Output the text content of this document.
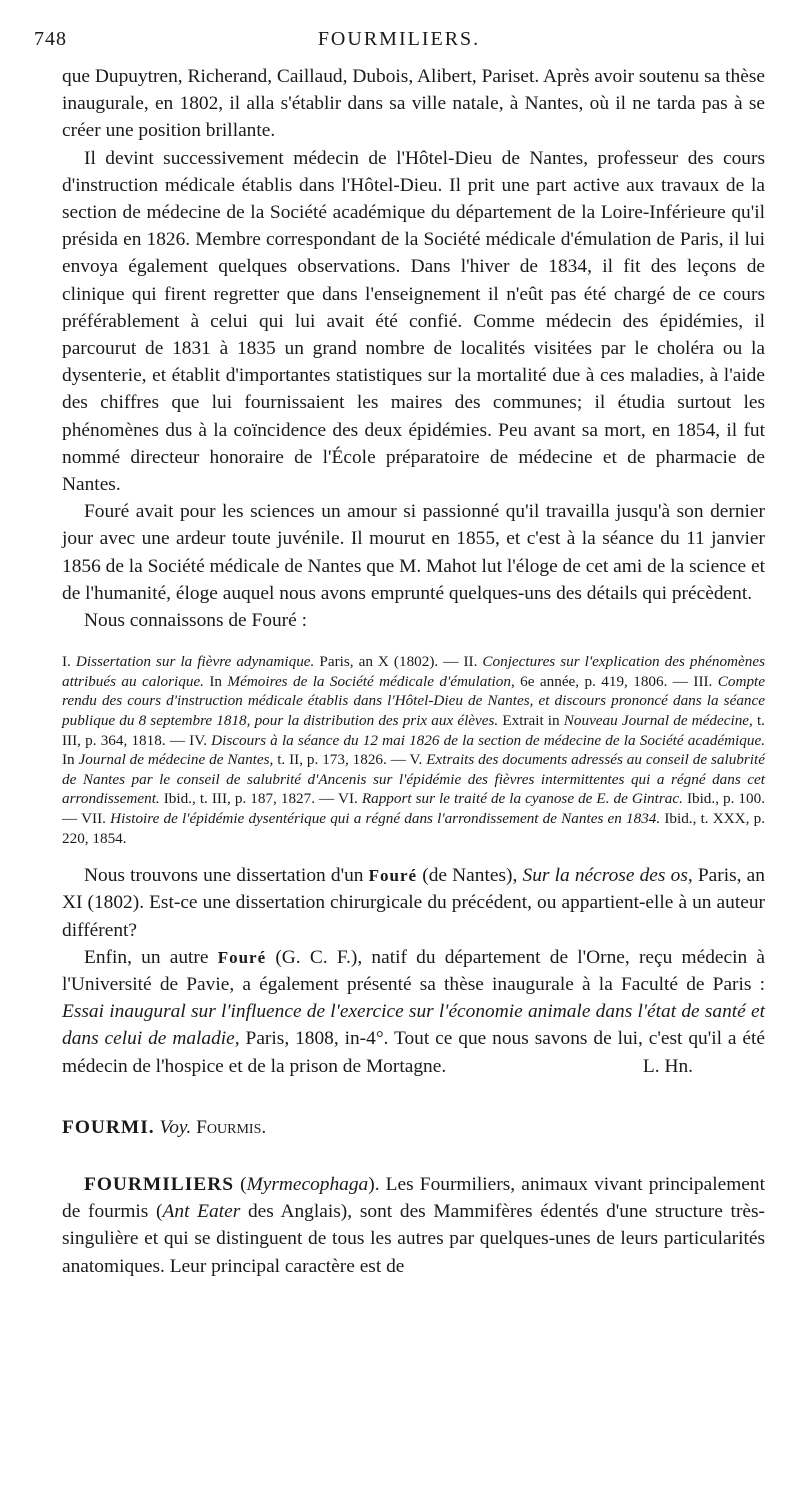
748	FOURMILIERS.

que Dupuytren, Richerand, Caillaud, Dubois, Alibert, Pariset. Après avoir soutenu sa thèse inaugurale, en 1802, il alla s'établir dans sa ville natale, à Nantes, où il ne tarda pas à se créer une position brillante.

Il devint successivement médecin de l'Hôtel-Dieu de Nantes, professeur des cours d'instruction médicale établis dans l'Hôtel-Dieu. Il prit une part active aux travaux de la section de médecine de la Société académique du département de la Loire-Inférieure qu'il présida en 1826. Membre correspondant de la Société médicale d'émulation de Paris, il lui envoya également quelques observations. Dans l'hiver de 1834, il fit des leçons de clinique qui firent regretter que dans l'enseignement il n'eût pas été chargé de ce cours préférablement à celui qui lui avait été confié. Comme médecin des épidémies, il parcourut de 1831 à 1835 un grand nombre de localités visitées par le choléra ou la dysenterie, et établit d'importantes statistiques sur la mortalité due à ces maladies, à l'aide des chiffres que lui fournissaient les maires des communes; il étudia surtout les phénomènes dus à la coïncidence des deux épidémies. Peu avant sa mort, en 1854, il fut nommé directeur honoraire de l'École préparatoire de médecine et de pharmacie de Nantes.

Fouré avait pour les sciences un amour si passionné qu'il travailla jusqu'à son dernier jour avec une ardeur toute juvénile. Il mourut en 1855, et c'est à la séance du 11 janvier 1856 de la Société médicale de Nantes que M. Mahot lut l'éloge de cet ami de la science et de l'humanité, éloge auquel nous avons emprunté quelques-uns des détails qui précèdent.

Nous connaissons de Fouré :

I. Dissertation sur la fièvre adynamique. Paris, an X (1802). — II. Conjectures sur l'explication des phénomènes attribués au calorique. In Mémoires de la Société médicale d'émulation, 6e année, p. 419, 1806. — III. Compte rendu des cours d'instruction médicale établis dans l'Hôtel-Dieu de Nantes, et discours prononcé dans la séance publique du 8 septembre 1818, pour la distribution des prix aux élèves. Extrait in Nouveau Journal de médecine, t. III, p. 364, 1818. — IV. Discours à la séance du 12 mai 1826 de la section de médecine de la Société académique. In Journal de médecine de Nantes, t. II, p. 173, 1826. — V. Extraits des documents adressés au conseil de salubrité de Nantes par le conseil de salubrité d'Ancenis sur l'épidémie des fièvres intermittentes qui a régné dans cet arrondissement. Ibid., t. III, p. 187, 1827. — VI. Rapport sur le traité de la cyanose de E. de Gintrac. Ibid., p. 100. — VII. Histoire de l'épidémie dysentérique qui a régné dans l'arrondissement de Nantes en 1834. Ibid., t. XXX, p. 220, 1854.

Nous trouvons une dissertation d'un Fouré (de Nantes), Sur la nécrose des os, Paris, an XI (1802). Est-ce une dissertation chirurgicale du précédent, ou appartient-elle à un auteur différent?

Enfin, un autre Fouré (G. C. F.), natif du département de l'Orne, reçu médecin à l'Université de Pavie, a également présenté sa thèse inaugurale à la Faculté de Paris : Essai inaugural sur l'influence de l'exercice sur l'économie animale dans l'état de santé et dans celui de maladie, Paris, 1808, in-4°. Tout ce que nous savons de lui, c'est qu'il a été médecin de l'hospice et de la prison de Mortagne.	L. Hn.

FOURMI. Voy. Fourmis.

FOURMILIERS (Myrmecophaga). Les Fourmiliers, animaux vivant principalement de fourmis (Ant Eater des Anglais), sont des Mammifères édentés d'une structure très-singulière et qui se distinguent de tous les autres par quelques-unes de leurs particularités anatomiques. Leur principal caractère est de
